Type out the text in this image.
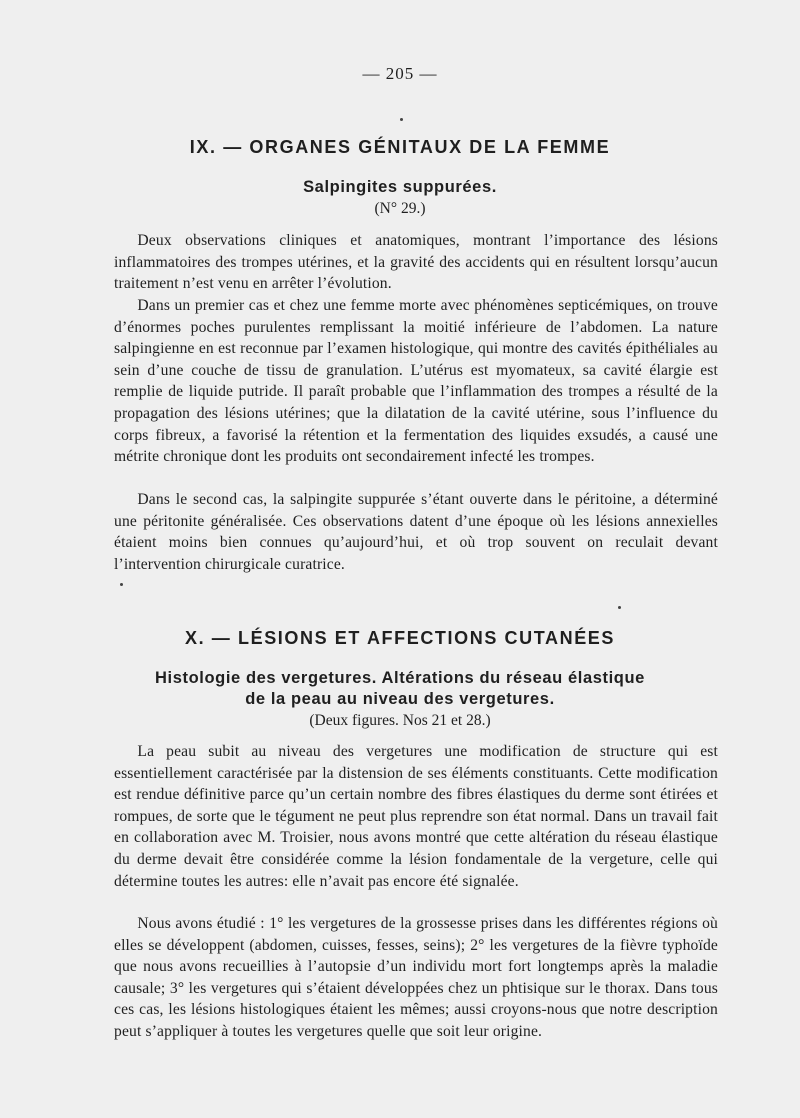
— 205 —
IX. — ORGANES GÉNITAUX DE LA FEMME
Salpingites suppurées.
(N° 29.)
Deux observations cliniques et anatomiques, montrant l’importance des lésions inflammatoires des trompes utérines, et la gravité des accidents qui en résultent lorsqu’aucun traitement n’est venu en arrêter l’évolution.
Dans un premier cas et chez une femme morte avec phénomènes septicémiques, on trouve d’énormes poches purulentes remplissant la moitié inférieure de l’abdomen. La nature salpingienne en est reconnue par l’examen histologique, qui montre des cavités épithéliales au sein d’une couche de tissu de granulation. L’utérus est myomateux, sa cavité élargie est remplie de liquide putride. Il paraît probable que l’inflammation des trompes a résulté de la propagation des lésions utérines; que la dilatation de la cavité utérine, sous l’influence du corps fibreux, a favorisé la rétention et la fermentation des liquides exsudés, a causé une métrite chronique dont les produits ont secondairement infecté les trompes.
Dans le second cas, la salpingite suppurée s’étant ouverte dans le péritoine, a déterminé une péritonite généralisée. Ces observations datent d’une époque où les lésions annexielles étaient moins bien connues qu’aujourd’hui, et où trop souvent on reculait devant l’intervention chirurgicale curatrice.
X. — LÉSIONS ET AFFECTIONS CUTANÉES
Histologie des vergetures. Altérations du réseau élastique
de la peau au niveau des vergetures.
(Deux figures. Nos 21 et 28.)
La peau subit au niveau des vergetures une modification de structure qui est essentiellement caractérisée par la distension de ses éléments constituants. Cette modification est rendue définitive parce qu’un certain nombre des fibres élastiques du derme sont étirées et rompues, de sorte que le tégument ne peut plus reprendre son état normal. Dans un travail fait en collaboration avec M. Troisier, nous avons montré que cette altération du réseau élastique du derme devait être considérée comme la lésion fondamentale de la vergeture, celle qui détermine toutes les autres: elle n’avait pas encore été signalée.
Nous avons étudié : 1° les vergetures de la grossesse prises dans les différentes régions où elles se développent (abdomen, cuisses, fesses, seins); 2° les vergetures de la fièvre typhoïde que nous avons recueillies à l’autopsie d’un individu mort fort longtemps après la maladie causale; 3° les vergetures qui s’étaient développées chez un phtisique sur le thorax. Dans tous ces cas, les lésions histologiques étaient les mêmes; aussi croyons-nous que notre description peut s’appliquer à toutes les vergetures quelle que soit leur origine.
